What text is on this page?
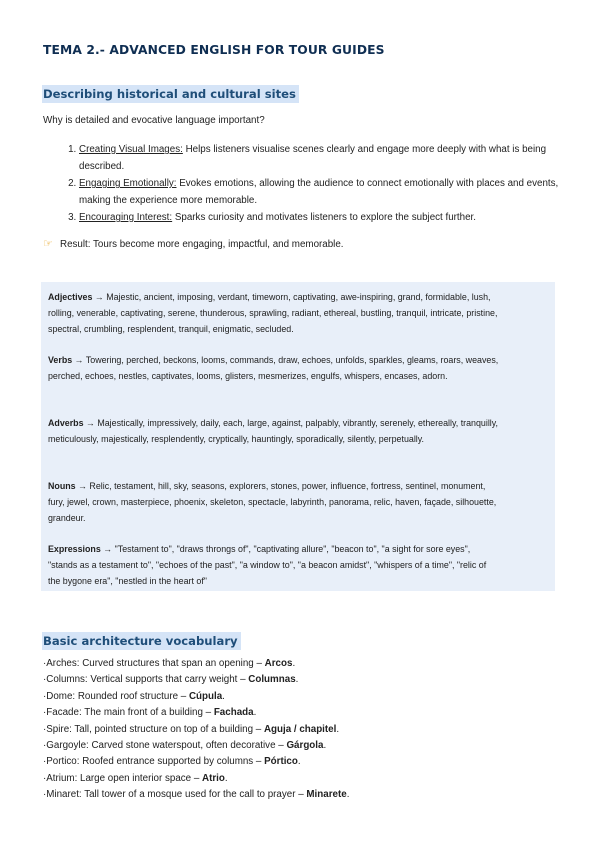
TEMA 2.- ADVANCED ENGLISH FOR TOUR GUIDES
Describing historical and cultural sites

Why is detailed and evocative language important?

1. Creating Visual Images: Helps listeners visualise scenes clearly and engage more deeply with what is being described.
2. Engaging Emotionally: Evokes emotions, allowing the audience to connect emotionally with places and events, making the experience more memorable.
3. Encouraging Interest: Sparks curiosity and motivates listeners to explore the subject further.
☞ Result: Tours become more engaging, impactful, and memorable.

Adjectives → Majestic, ancient, imposing, verdant, timeworn, captivating, awe-inspiring, grand, formidable, lush, rolling, venerable, captivating, serene, thunderous, sprawling, radiant, ethereal, bustling, tranquil, intricate, pristine, spectral, crumbling, resplendent, tranquil, enigmatic, secluded.

Verbs → Towering, perched, beckons, looms, commands, draw, echoes, unfolds, sparkles, gleams, roars, weaves, perched, echoes, nestles, captivates, looms, glisters, mesmerizes, engulfs, whispers, encases, adorn.

Adverbs → Majestically, impressively, daily, each, large, against, palpably, vibrantly, serenely, ethereally, tranquilly, meticulously, majestically, resplendently, cryptically, hauntingly, sporadically, silently, perpetually.

Nouns → Relic, testament, hill, sky, seasons, explorers, stones, power, influence, fortress, sentinel, monument, fury, jewel, crown, masterpiece, phoenix, skeleton, spectacle, labyrinth, panorama, relic, haven, façade, silhouette, grandeur.

Expressions → "Testament to", "draws throngs of", "captivating allure", "beacon to", "a sight for sore eyes", "stands as a testament to", "echoes of the past", "a window to", "a beacon amidst", "whispers of a time", "relic of the bygone era", "nestled in the heart of"

Basic architecture vocabulary
· Arches: Curved structures that span an opening – Arcos.
· Columns: Vertical supports that carry weight – Columnas.
· Dome: Rounded roof structure – Cúpula.
· Facade: The main front of a building – Fachada.
· Spire: Tall, pointed structure on top of a building – Aguja / chapitel.
· Gargoyle: Carved stone waterspout, often decorative – Gárgola.
· Portico: Roofed entrance supported by columns – Pórtico.
· Atrium: Large open interior space – Atrio.
· Minaret: Tall tower of a mosque used for the call to prayer – Minarete.
